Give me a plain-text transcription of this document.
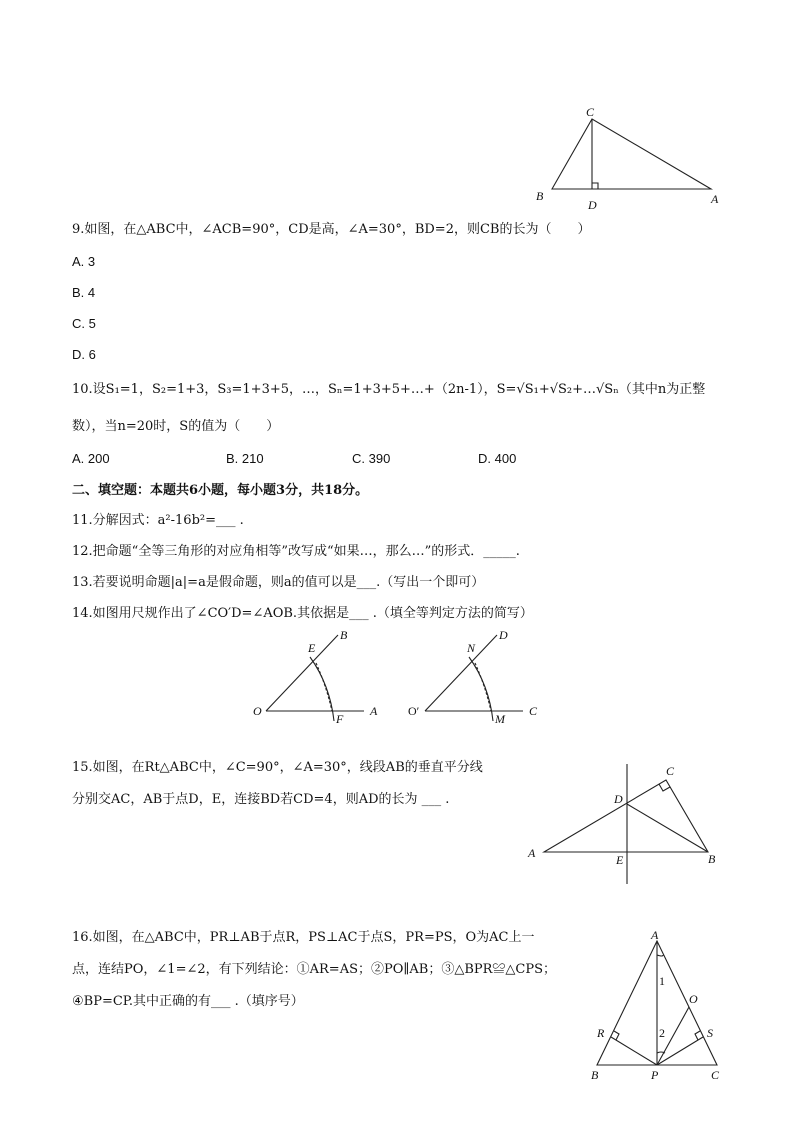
C
B
D	A
9.如图，在△ABC中，∠ACB=90°，CD是高，∠A=30°，BD=2，则CB的长为（　　）
A. 3
B. 4
C. 5
D. 6
10.设S₁=1，S₂=1+3，S₃=1+3+5，…，Sₙ=1+3+5+…+（2n-1），S=√S₁+√S₂+…√Sₙ（其中n为正整
数），当n=20时，S的值为（　　）
A. 200	B. 210	C. 390	D. 400
二、填空题：本题共6小题，每小题3分，共18分。
11.分解因式：a²-16b²=___ .
12.把命题“全等三角形的对应角相等”改写成“如果…，那么…”的形式．_____.
13.若要说明命题|a|=a是假命题，则a的值可以是___.（写出一个即可）
14.如图用尺规作出了∠CO′D=∠AOB.其依据是___ .（填全等判定方法的简写）
O	A
B
E
F
O′	C
D
N
M
15.如图，在Rt△ABC中，∠C=90°，∠A=30°，线段AB的垂直平分线
分别交AC，AB于点D，E，连接BD若CD=4，则AD的长为 ___ .
A	B
C
D
E
16.如图，在△ABC中，PR⊥AB于点R，PS⊥AC于点S，PR=PS，O为AC上一
点，连结PO，∠1=∠2，有下列结论：①AR=AS；②PO∥AB；③△BPR≌△CPS；
④BP=CP.其中正确的有___ .（填序号）
A
B	C
P
R	S
O
1
2
